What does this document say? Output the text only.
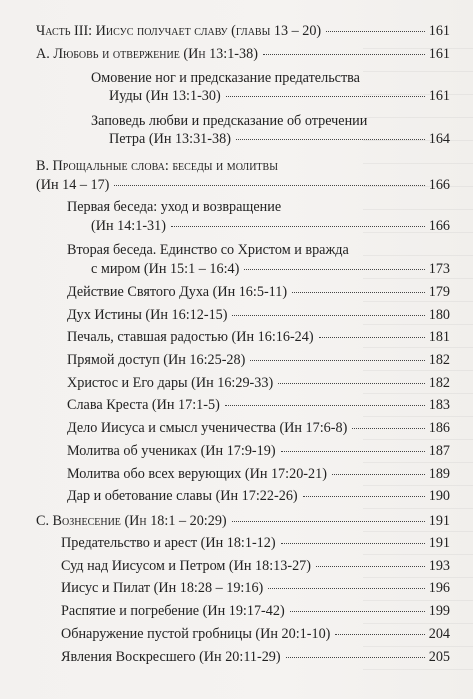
Часть III: Иисус получает славу (главы 13 – 20)	161
А. Любовь и отвержение (Ин 13:1-38)	161
Омовение ног и предсказание предательства
Иуды (Ин 13:1-30)	161
Заповедь любви и предсказание об отречении
Петра (Ин 13:31-38)	164
В. Прощальные слова: беседы и молитвы
(Ин 14 – 17)	166
Первая беседа: уход и возвращение
(Ин 14:1-31)	166
Вторая беседа. Единство со Христом и вражда
с миром (Ин 15:1 – 16:4)	173
Действие Святого Духа (Ин 16:5-11)	179
Дух Истины (Ин 16:12-15)	180
Печаль, ставшая радостью (Ин 16:16-24)	181
Прямой доступ (Ин 16:25-28)	182
Христос и Его дары (Ин 16:29-33)	182
Слава Креста (Ин 17:1-5)	183
Дело Иисуса и смысл ученичества (Ин 17:6-8)	186
Молитва об учениках (Ин 17:9-19)	187
Молитва обо всех верующих (Ин 17:20-21)	189
Дар и обетование славы (Ин 17:22-26)	190
С. Вознесение (Ин 18:1 – 20:29)	191
Предательство и арест (Ин 18:1-12)	191
Суд над Иисусом и Петром (Ин 18:13-27)	193
Иисус и Пилат (Ин 18:28 – 19:16)	196
Распятие и погребение (Ин 19:17-42)	199
Обнаружение пустой гробницы (Ин 20:1-10)	204
Явления Воскресшего (Ин 20:11-29)	205
